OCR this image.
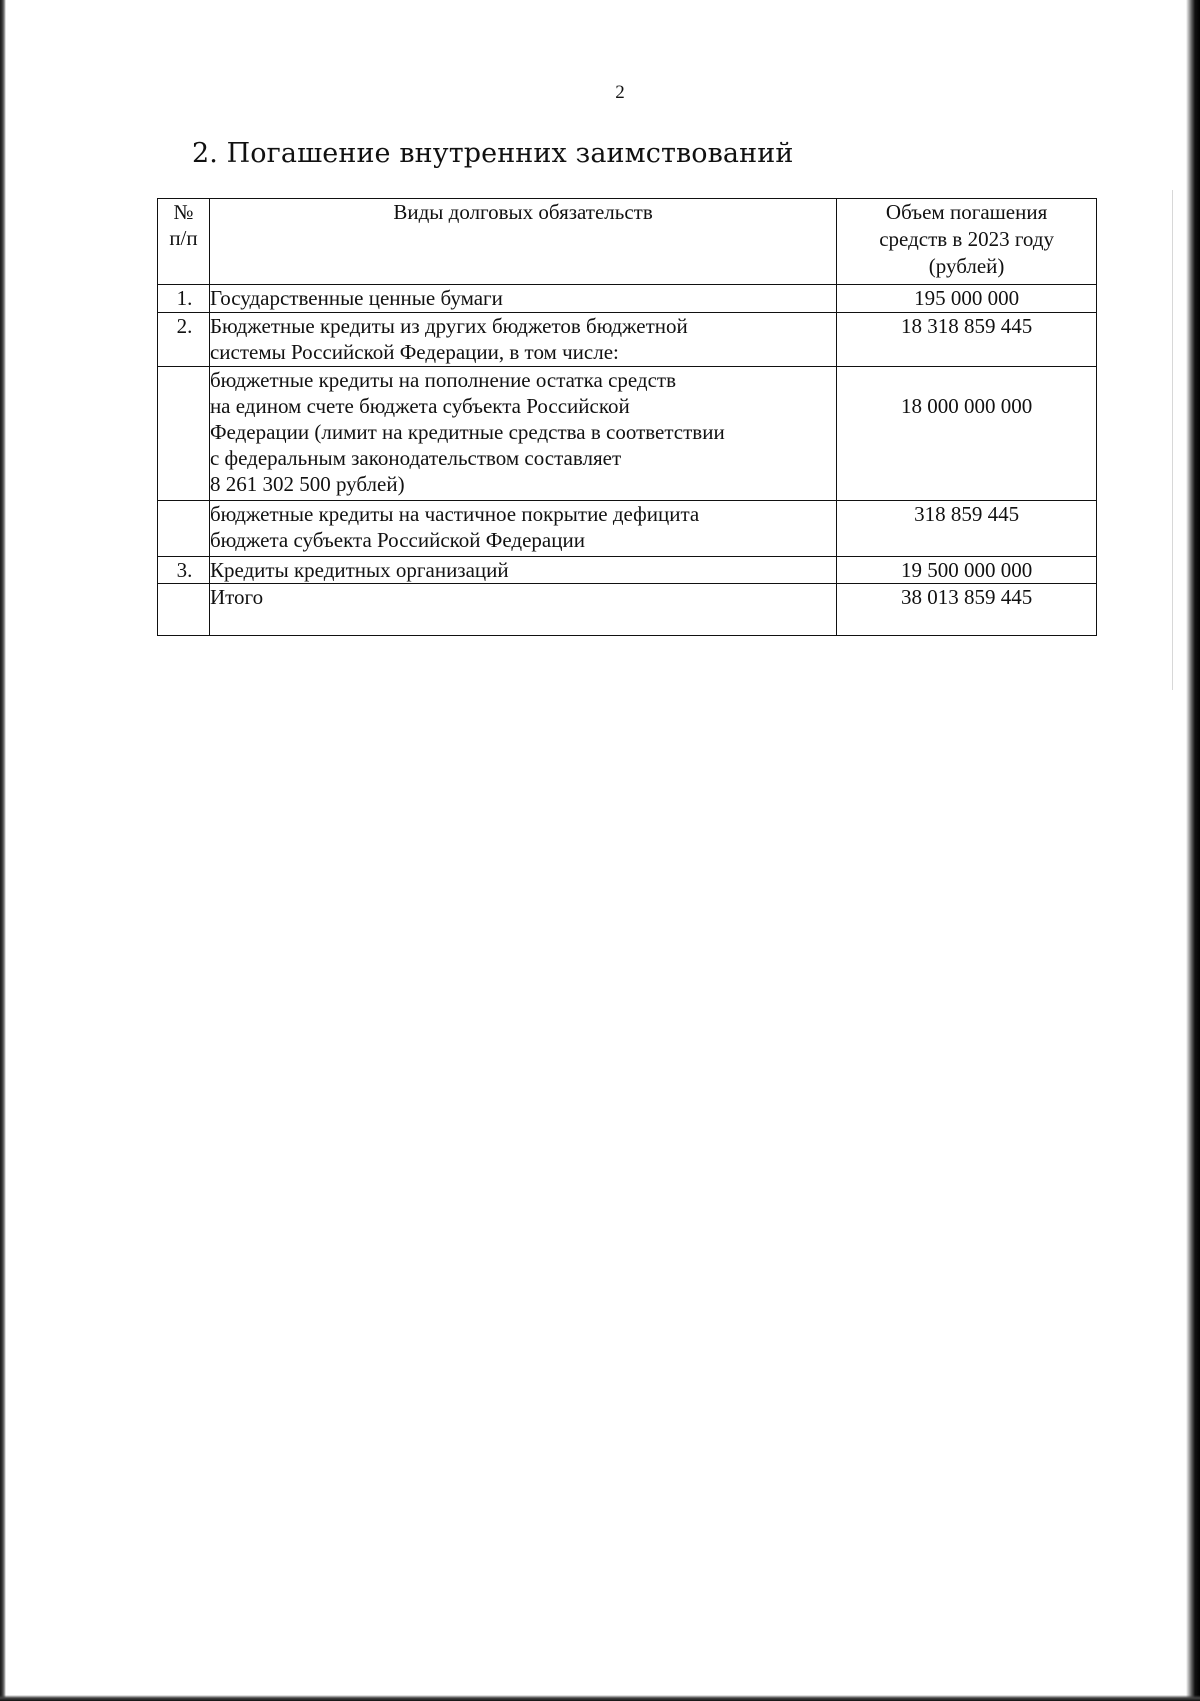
2
2. Погашение внутренних заимствований
№
п/п	Виды долговых обязательств	Объем погашения
средств в 2023 году
(рублей)
1.	Государственные ценные бумаги	195 000 000
2.	Бюджетные кредиты из других бюджетов бюджетной
системы Российской Федерации, в том числе:	18 318 859 445
	бюджетные кредиты на пополнение остатка средств
на едином счете бюджета субъекта Российской
Федерации (лимит на кредитные средства в соответствии
с федеральным законодательством составляет
8 261 302 500 рублей)	18 000 000 000
	бюджетные кредиты на частичное покрытие дефицита
бюджета субъекта Российской Федерации	318 859 445
3.	Кредиты кредитных организаций	19 500 000 000
	Итого	38 013 859 445
